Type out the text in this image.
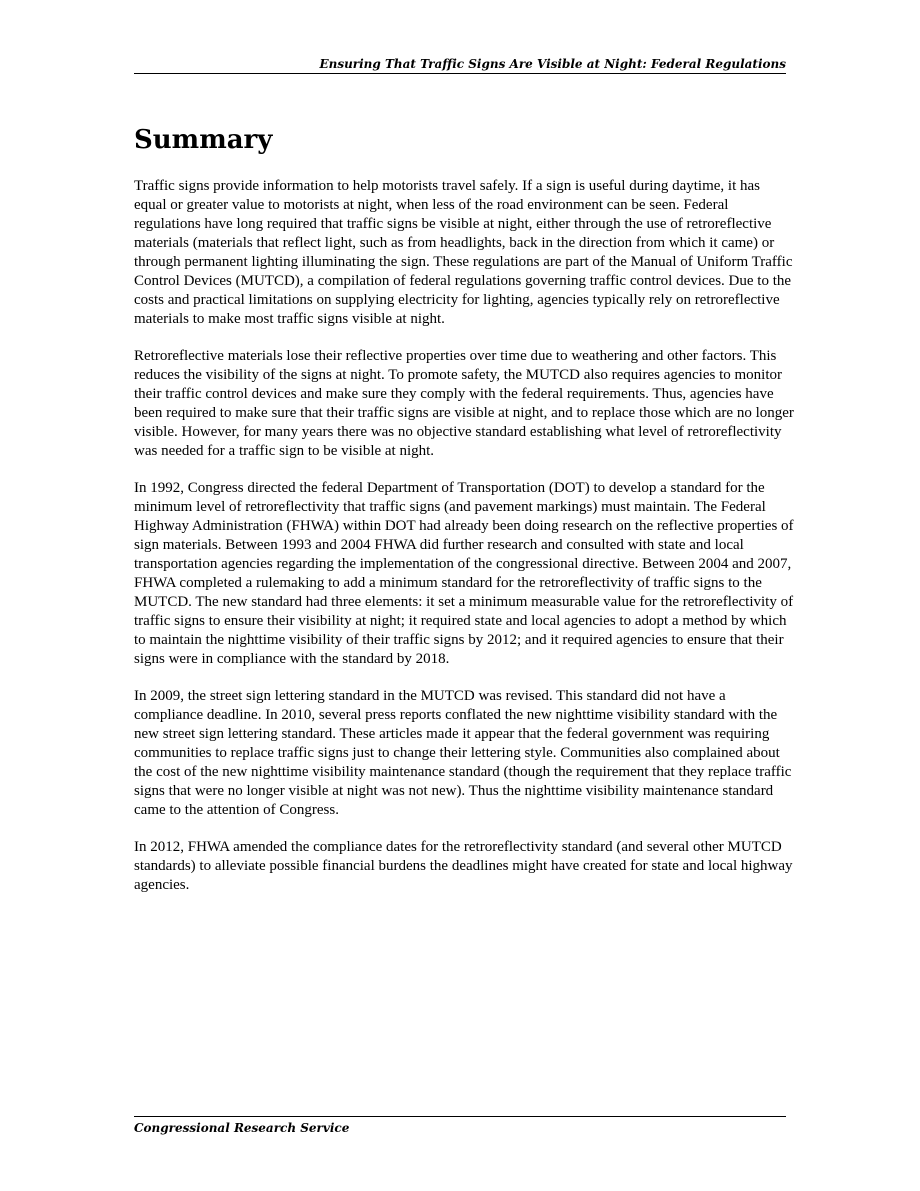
Ensuring That Traffic Signs Are Visible at Night: Federal Regulations
Summary

Traffic signs provide information to help motorists travel safely. If a sign is useful during daytime, it has equal or greater value to motorists at night, when less of the road environment can be seen. Federal regulations have long required that traffic signs be visible at night, either through the use of retroreflective materials (materials that reflect light, such as from headlights, back in the direction from which it came) or through permanent lighting illuminating the sign. These regulations are part of the Manual of Uniform Traffic Control Devices (MUTCD), a compilation of federal regulations governing traffic control devices. Due to the costs and practical limitations on supplying electricity for lighting, agencies typically rely on retroreflective materials to make most traffic signs visible at night.

Retroreflective materials lose their reflective properties over time due to weathering and other factors. This reduces the visibility of the signs at night. To promote safety, the MUTCD also requires agencies to monitor their traffic control devices and make sure they comply with the federal requirements. Thus, agencies have been required to make sure that their traffic signs are visible at night, and to replace those which are no longer visible. However, for many years there was no objective standard establishing what level of retroreflectivity was needed for a traffic sign to be visible at night.

In 1992, Congress directed the federal Department of Transportation (DOT) to develop a standard for the minimum level of retroreflectivity that traffic signs (and pavement markings) must maintain. The Federal Highway Administration (FHWA) within DOT had already been doing research on the reflective properties of sign materials. Between 1993 and 2004 FHWA did further research and consulted with state and local transportation agencies regarding the implementation of the congressional directive. Between 2004 and 2007, FHWA completed a rulemaking to add a minimum standard for the retroreflectivity of traffic signs to the MUTCD. The new standard had three elements: it set a minimum measurable value for the retroreflectivity of traffic signs to ensure their visibility at night; it required state and local agencies to adopt a method by which to maintain the nighttime visibility of their traffic signs by 2012; and it required agencies to ensure that their signs were in compliance with the standard by 2018.

In 2009, the street sign lettering standard in the MUTCD was revised. This standard did not have a compliance deadline. In 2010, several press reports conflated the new nighttime visibility standard with the new street sign lettering standard. These articles made it appear that the federal government was requiring communities to replace traffic signs just to change their lettering style. Communities also complained about the cost of the new nighttime visibility maintenance standard (though the requirement that they replace traffic signs that were no longer visible at night was not new). Thus the nighttime visibility maintenance standard came to the attention of Congress.

In 2012, FHWA amended the compliance dates for the retroreflectivity standard (and several other MUTCD standards) to alleviate possible financial burdens the deadlines might have created for state and local highway agencies.

Congressional Research Service
